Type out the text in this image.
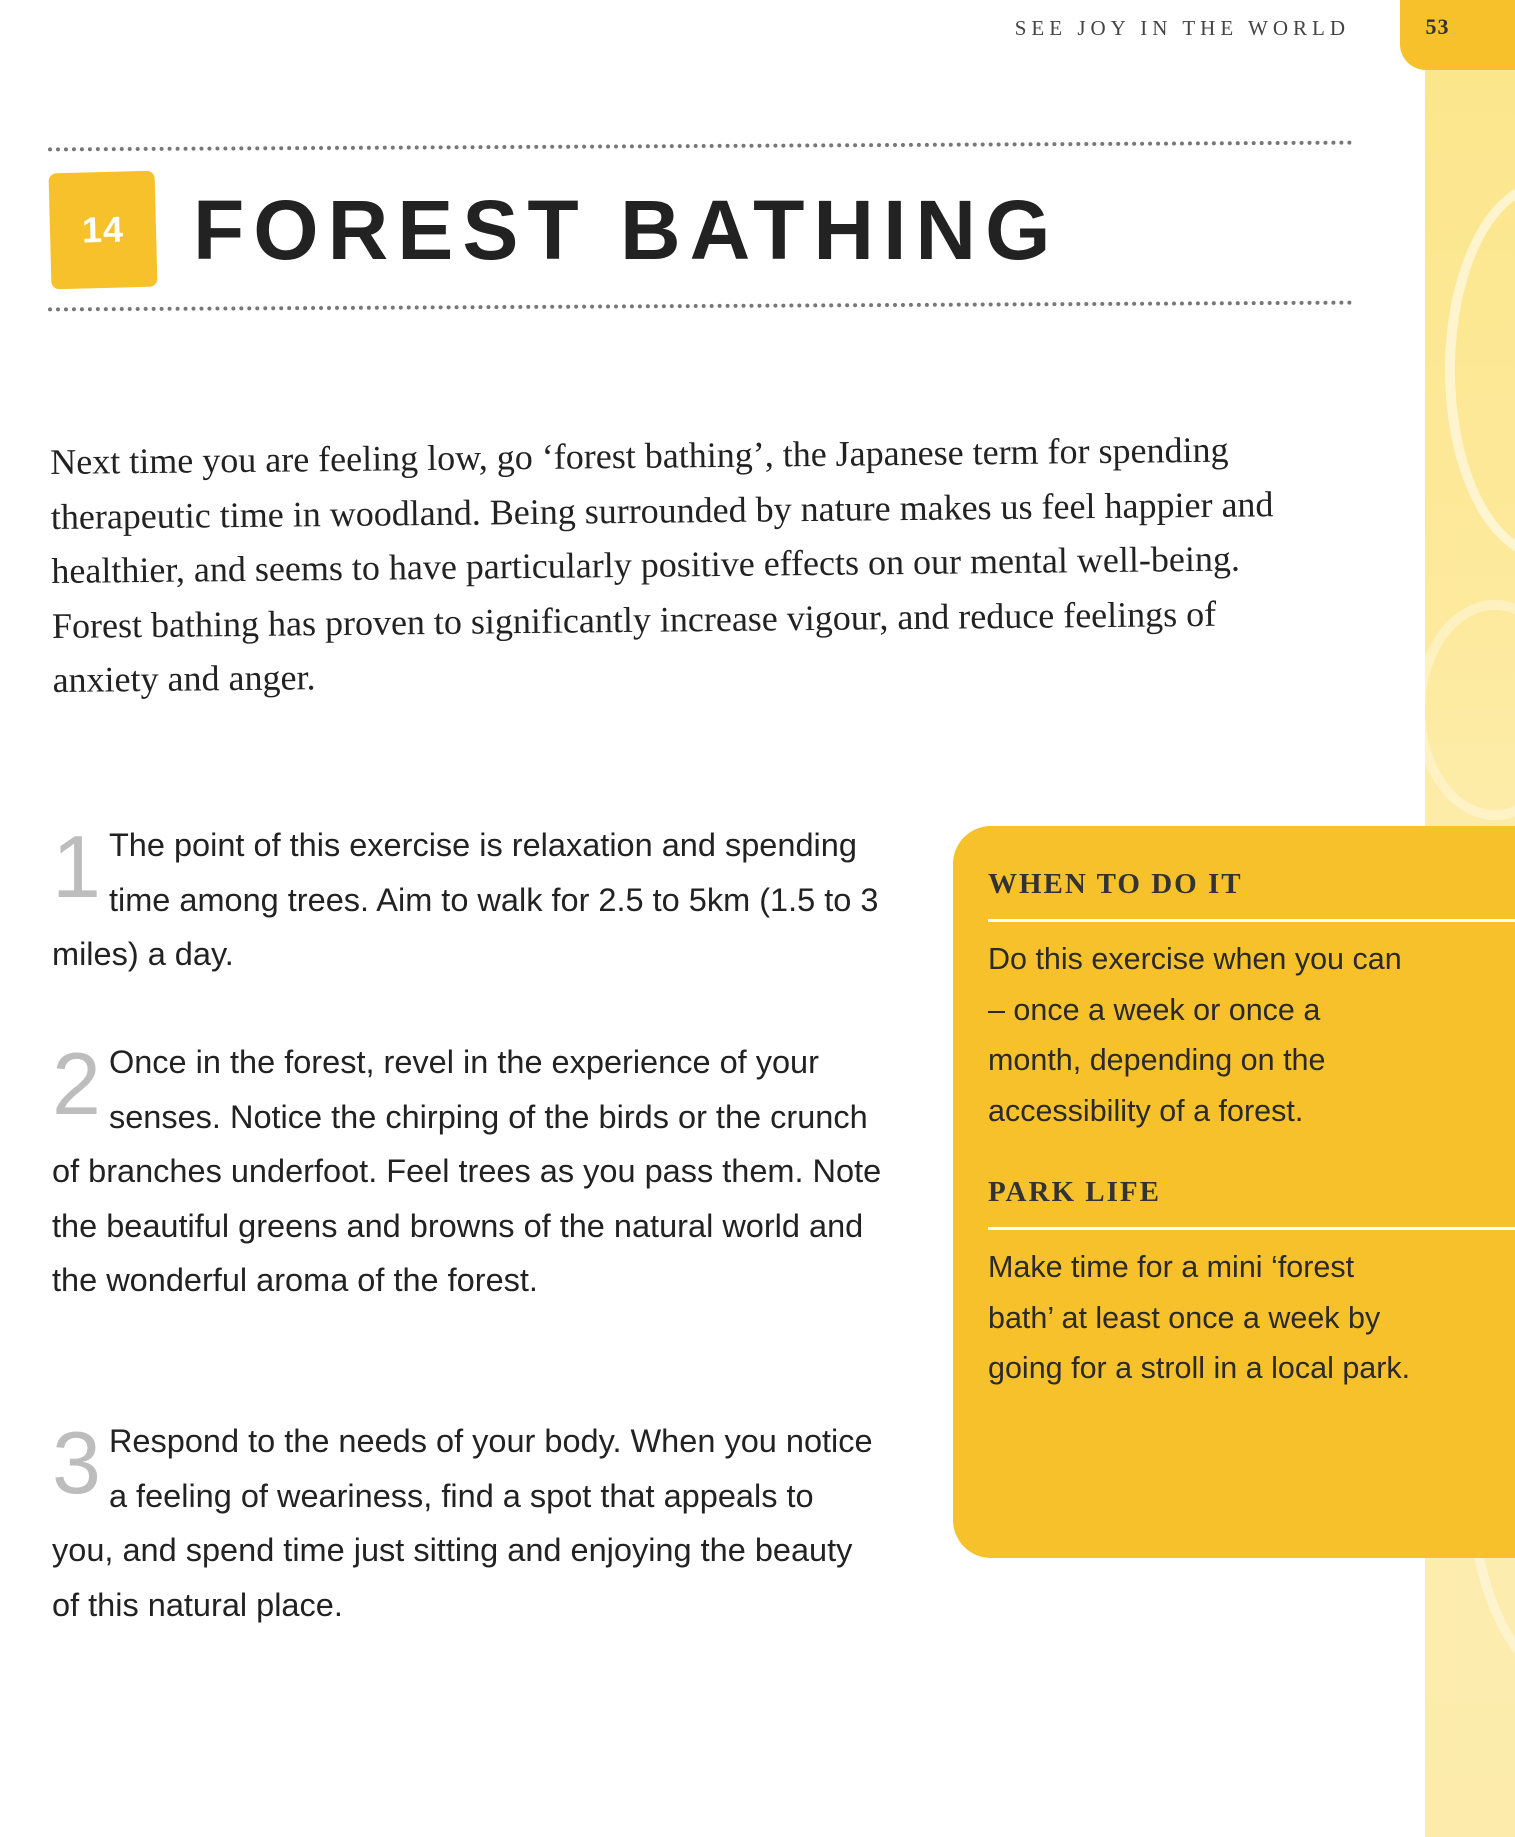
SEE JOY IN THE WORLD	53
14 FOREST BATHING

Next time you are feeling low, go ‘forest bathing’, the Japanese term for spending therapeutic time in woodland. Being surrounded by nature makes us feel happier and healthier, and seems to have particularly positive effects on our mental well-being. Forest bathing has proven to significantly increase vigour, and reduce feelings of anxiety and anger.

1 The point of this exercise is relaxation and spending time among trees. Aim to walk for 2.5 to 5km (1.5 to 3 miles) a day.
2 Once in the forest, revel in the experience of your senses. Notice the chirping of the birds or the crunch of branches underfoot. Feel trees as you pass them. Note the beautiful greens and browns of the natural world and the wonderful aroma of the forest.
3 Respond to the needs of your body. When you notice a feeling of weariness, find a spot that appeals to you, and spend time just sitting and enjoying the beauty of this natural place.
WHEN TO DO IT

Do this exercise when you can – once a week or once a month, depending on the accessibility of a forest.

PARK LIFE

Make time for a mini ‘forest bath’ at least once a week by going for a stroll in a local park.
